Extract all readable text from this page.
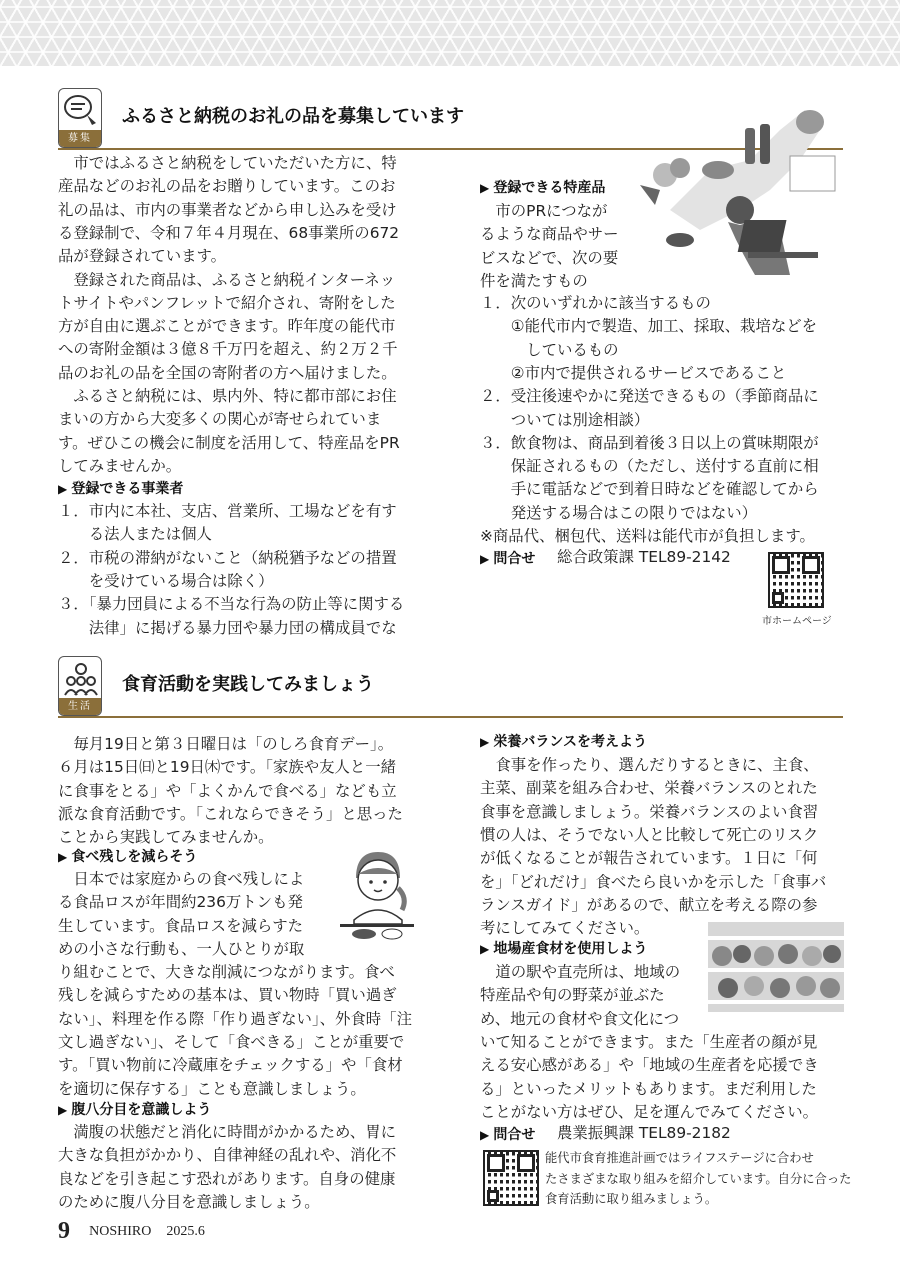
募集
ふるさと納税のお礼の品を募集しています
　市ではふるさと納税をしていただいた方に、特
産品などのお礼の品をお贈りしています。このお
礼の品は、市内の事業者などから申し込みを受け
る登録制で、令和７年４月現在、68事業所の672
品が登録されています。
　登録された商品は、ふるさと納税インターネッ
トサイトやパンフレットで紹介され、寄附をした
方が自由に選ぶことができます。昨年度の能代市
への寄附金額は３億８千万円を超え、約２万２千
品のお礼の品を全国の寄附者の方へ届けました。
　ふるさと納税には、県内外、特に都市部にお住
まいの方から大変多くの関心が寄せられていま
す。ぜひこの機会に制度を活用して、特産品をPR
してみませんか。
▶ 登録できる事業者
１．市内に本社、支店、営業所、工場などを有す
　　る法人または個人
２．市税の滞納がないこと（納税猶予などの措置
　　を受けている場合は除く）
３．「暴力団員による不当な行為の防止等に関する
　　法律」に掲げる暴力団や暴力団の構成員でな

▶ 登録できる特産品
　市のPRにつなが
るような商品やサー
ビスなどで、次の要
件を満たすもの
１．次のいずれかに該当するもの
　　①能代市内で製造、加工、採取、栽培などを
　　　しているもの
　　②市内で提供されるサービスであること
２．受注後速やかに発送できるもの（季節商品に
　　ついては別途相談）
３．飲食物は、商品到着後３日以上の賞味期限が
　　保証されるもの（ただし、送付する直前に相
　　手に電話などで到着日時などを確認してから
　　発送する場合はこの限りではない）
※商品代、梱包代、送料は能代市が負担します。
▶ 問合せ 総合政策課 TEL89-2142
市ホームページ
生活
食育活動を実践してみましょう
　毎月19日と第３日曜日は「のしろ食育デー」。
６月は15日㈰と19日㈭です。「家族や友人と一緒
に食事をとる」や「よくかんで食べる」なども立
派な食育活動です。「これならできそう」と思った
ことから実践してみませんか。
▶ 食べ残しを減らそう
　日本では家庭からの食べ残しによ
る食品ロスが年間約236万トンも発
生しています。食品ロスを減らすた
めの小さな行動も、一人ひとりが取
り組むことで、大きな削減につながります。食べ
残しを減らすための基本は、買い物時「買い過ぎ
ない」、料理を作る際「作り過ぎない」、外食時「注
文し過ぎない」、そして「食べきる」ことが重要で
す。「買い物前に冷蔵庫をチェックする」や「食材
を適切に保存する」ことも意識しましょう。
▶ 腹八分目を意識しよう
　満腹の状態だと消化に時間がかかるため、胃に
大きな負担がかかり、自律神経の乱れや、消化不
良などを引き起こす恐れがあります。自身の健康
のために腹八分目を意識しましょう。
▶ 栄養バランスを考えよう
　食事を作ったり、選んだりするときに、主食、
主菜、副菜を組み合わせ、栄養バランスのとれた
食事を意識しましょう。栄養バランスのよい食習
慣の人は、そうでない人と比較して死亡のリスク
が低くなることが報告されています。１日に「何
を」「どれだけ」食べたら良いかを示した「食事バ
ランスガイド」があるので、献立を考える際の参
考にしてみてください。
▶ 地場産食材を使用しよう
　道の駅や直売所は、地域の
特産品や旬の野菜が並ぶた
め、地元の食材や食文化につ
いて知ることができます。また「生産者の顔が見
える安心感がある」や「地域の生産者を応援でき
る」といったメリットもあります。まだ利用した
ことがない方はぜひ、足を運んでみてください。
▶ 問合せ 農業振興課 TEL89-2182
能代市食育推進計画ではライフステージに合わせ
たさまざまな取り組みを紹介しています。自分に合った
食育活動に取り組みましょう。
9 NOSHIRO 2025.6
